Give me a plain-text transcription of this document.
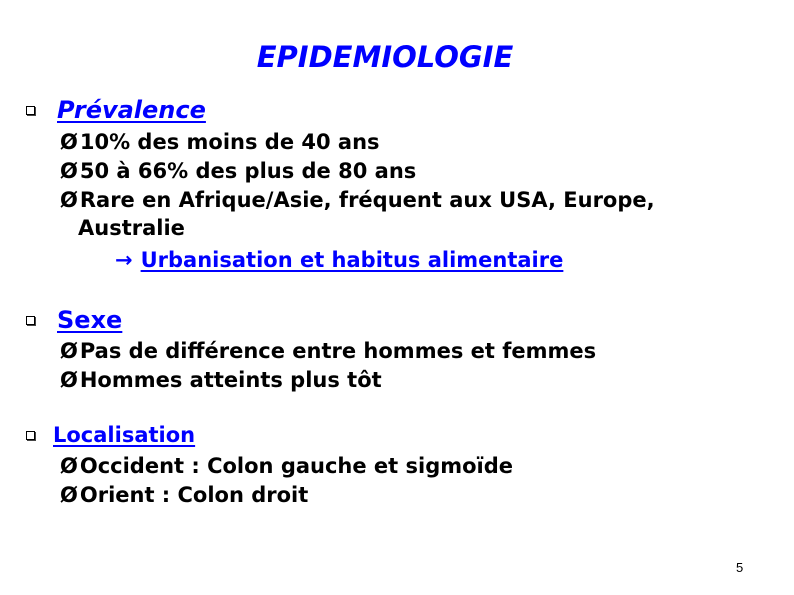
EPIDEMIOLOGIE
Prévalence
Ø10% des moins de 40 ans
Ø50 à 66% des plus de 80 ans
ØRare en Afrique/Asie, fréquent aux USA, Europe,
Australie
→ Urbanisation et habitus alimentaire
Sexe
ØPas de différence entre hommes et femmes
ØHommes atteints plus tôt
Localisation
ØOccident : Colon gauche et sigmoïde
ØOrient : Colon droit
5
